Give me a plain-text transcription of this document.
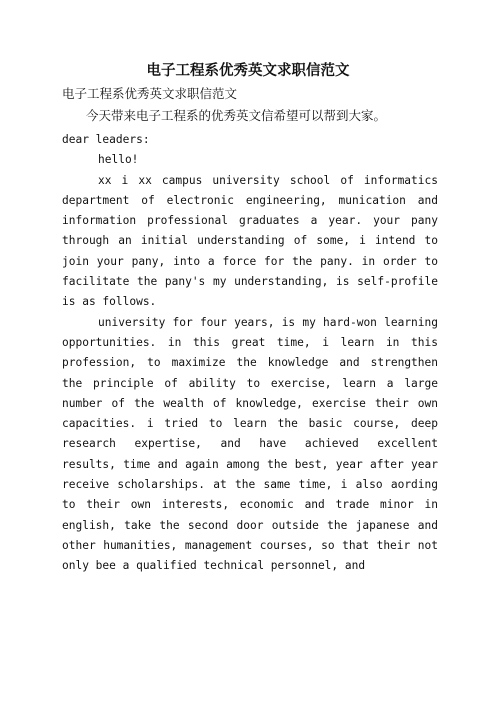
电子工程系优秀英文求职信范文
电子工程系优秀英文求职信范文
今天带来电子工程系的优秀英文信希望可以帮到大家。

dear leaders:

hello!

xx i xx campus university school of informatics department of electronic engineering, munication and information professional graduates a year. your pany through an initial understanding of some, i intend to join your pany, into a force for the pany. in order to facilitate the pany's my understanding, is self-profile is as follows.

university for four years, is my hard-won learning opportunities. in this great time, i learn in this profession, to maximize the knowledge and strengthen the principle of ability to exercise, learn a large number of the wealth of knowledge, exercise their own capacities. i tried to learn the basic course, deep research expertise, and have achieved excellent results, time and again among the best, year after year receive scholarships. at the same time, i also aording to their own interests, economic and trade minor in english, take the second door outside the japanese and other humanities, management courses, so that their not only bee a qualified technical personnel, and
